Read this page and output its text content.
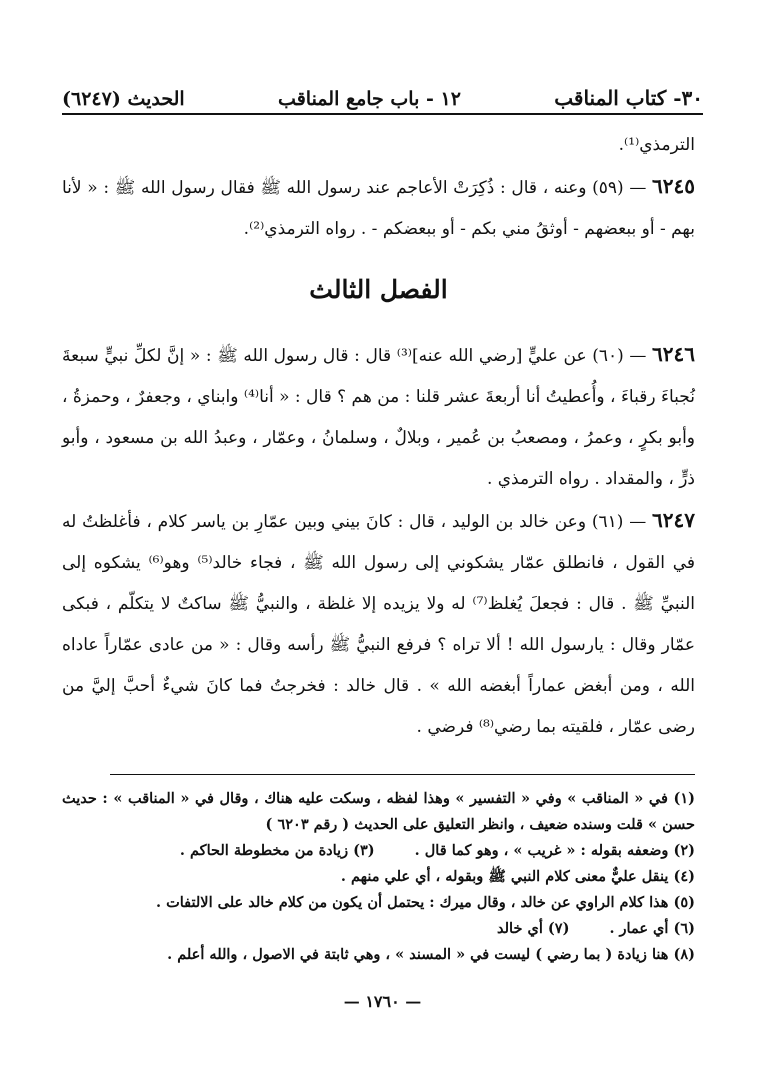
٣٠- كتاب المناقب
١٢ - باب جامع المناقب
الحديث (٦٢٤٧)

الترمذي⁽¹⁾.

٦٢٤٥ — (٥٩) وعنه ، قال : ذُكِرَتْ الأعاجم عند رسول الله ﷺ فقال رسول الله ﷺ : « لأنا بهم - أو ببعضهم - أوثقُ مني بكم - أو ببعضكم - . رواه الترمذي⁽²⁾.

الفصل الثالث

٦٢٤٦ — (٦٠) عن عليٍّ [رضي الله عنه]⁽³⁾ قال : قال رسول الله ﷺ : « إنَّ لكلِّ نبيٍّ سبعةَ نُجباءَ رقباءَ ، وأُعطيتُ أنا أربعةَ عشر قلنا : من هم ؟ قال : « أنا⁽⁴⁾ وابناي ، وجعفرٌ ، وحمزةُ ، وأبو بكرٍ ، وعمرُ ، ومصعبُ بن عُمير ، وبلالٌ ، وسلمانُ ، وعمّار ، وعبدُ الله بن مسعود ، وأبو ذرٍّ ، والمقداد . رواه الترمذي .

٦٢٤٧ — (٦١) وعن خالد بن الوليد ، قال : كانَ بيني وبين عمّارِ بن ياسر كلام ، فأغلظتُ له في القول ، فانطلق عمّار يشكوني إلى رسول الله ﷺ ، فجاء خالد⁽⁵⁾ وهو⁽⁶⁾ يشكوه إلى النبيِّ ﷺ . قال : فجعلَ يُغلظ⁽⁷⁾ له ولا يزيده إلا غلظة ، والنبيُّ ﷺ ساكتٌ لا يتكلّم ، فبكى عمّار وقال : يارسول الله ! ألا تراه ؟ فرفع النبيُّ ﷺ رأسه وقال : « من عادى عمّاراً عاداه الله ، ومن أبغض عماراً أبغضه الله » . قال خالد : فخرجتُ فما كانَ شيءٌ أحبَّ إليَّ من رضى عمّار ، فلقيته بما رضي⁽⁸⁾ فرضي .

(١) في « المناقب » وفي « التفسير » وهذا لفظه ، وسكت عليه هناك ، وقال في « المناقب » : حديث حسن » قلت وسنده ضعيف ، وانظر التعليق على الحديث ( رقم ٦٢٠٣ )

(٢) وضعفه بقوله : « غريب » ، وهو كما قال .
(٣) زيادة من مخطوطة الحاكم .

(٤) ينقل عليٌّ معنى كلام النبي ﷺ وبقوله ، أي علي منهم .

(٥) هذا كلام الراوي عن خالد ، وقال ميرك : يحتمل أن يكون من كلام خالد على الالتفات .

(٦) أي عمار .
(٧) أي خالد

(٨) هنا زيادة ( بما رضي ) ليست في « المسند » ، وهي ثابتة في الاصول ، والله أعلم .

— ١٧٦٠ —
